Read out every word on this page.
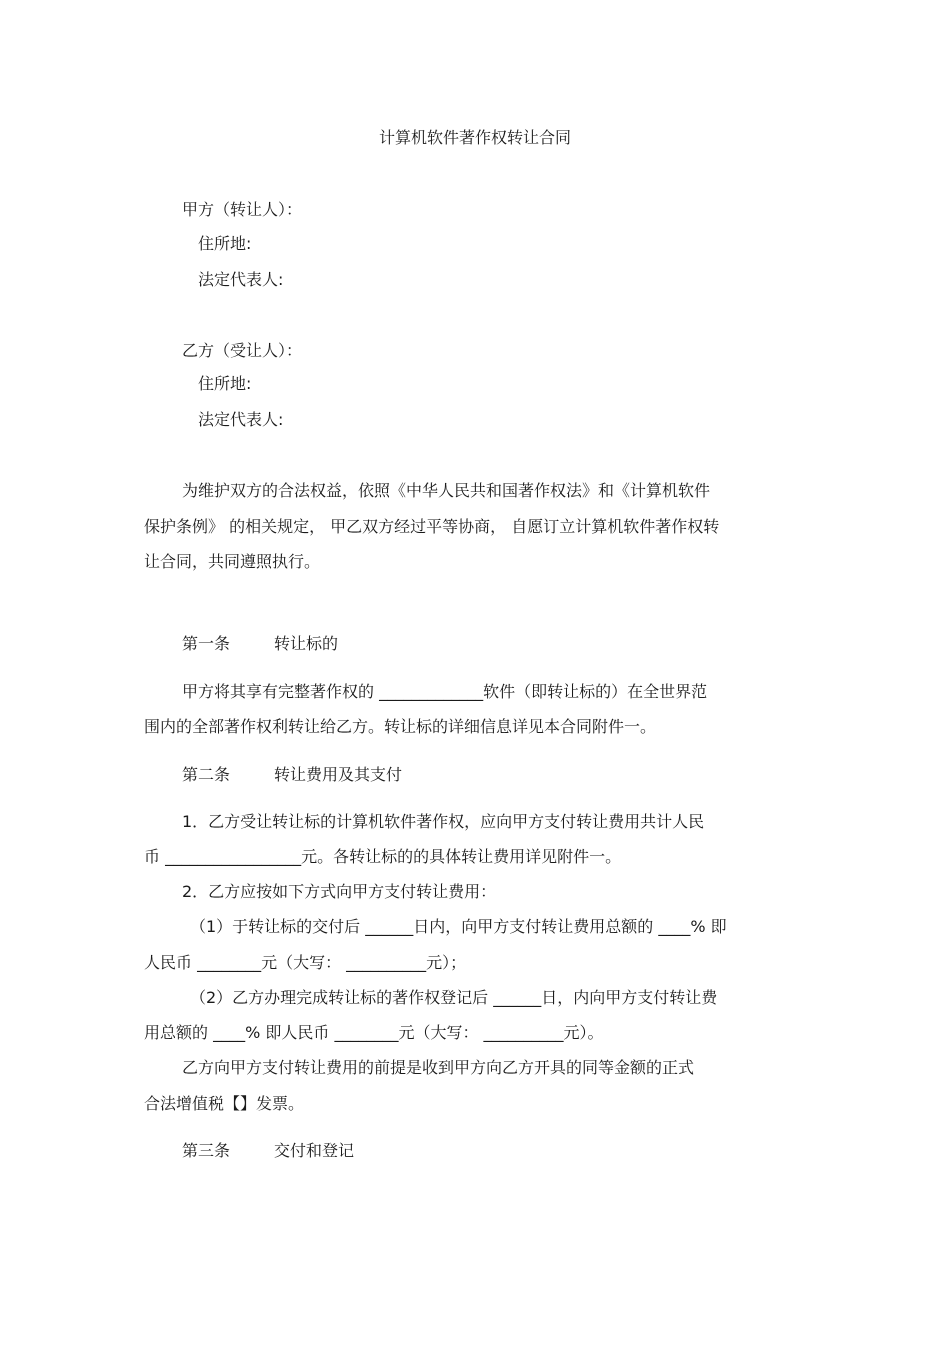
计算机软件著作权转让合同
甲方（转让人）：
住所地:
法定代表人:
乙方（受让人）：
住所地:
法定代表人:
为维护双方的合法权益，依照《中华人民共和国著作权法》和《计算机软件
保护条例》 的相关规定， 甲乙双方经过平等协商， 自愿订立计算机软件著作权转
让合同，共同遵照执行。
第一条	转让标的
甲方将其享有完整著作权的 _____________软件（即转让标的）在全世界范
围内的全部著作权利转让给乙方。转让标的详细信息详见本合同附件一。
第二条	转让费用及其支付
1．乙方受让转让标的计算机软件著作权，应向甲方支付转让费用共计人民
币 _________________元。各转让标的的具体转让费用详见附件一。
2．乙方应按如下方式向甲方支付转让费用：
（1）于转让标的交付后 ______日内，向甲方支付转让费用总额的 ____% 即
人民币 ________元（大写： __________元）；
（2）乙方办理完成转让标的著作权登记后 ______日，内向甲方支付转让费
用总额的 ____% 即人民币 ________元（大写： __________元）。
乙方向甲方支付转让费用的前提是收到甲方向乙方开具的同等金额的正式
合法增值税【】发票。
第三条	交付和登记
